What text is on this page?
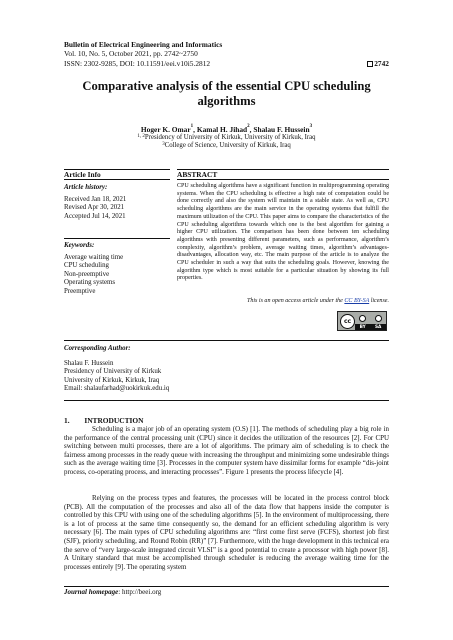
Bulletin of Electrical Engineering and Informatics
Vol. 10, No. 5, October 2021, pp. 2742~2750
ISSN: 2302-9285, DOI: 10.11591/eei.v10i5.2812	2742
Comparative analysis of the essential CPU scheduling algorithms
Hoger K. Omar$^1$, Kamal H. Jihad$^2$, Shalau F. Hussein$^3$
$^{1, 2}$Presidency of University of Kirkuk, University of Kirkuk, Iraq
$^3$College of Science, University of Kirkuk, Iraq
Article Info	ABSTRACT
Article history:
Received Jan 18, 2021
Revised Apr 30, 2021
Accepted Jul 14, 2021
Keywords:
Average waiting time
CPU scheduling
Non-preemptive
Operating systems
Preemptive
CPU scheduling algorithms have a significant function in multiprogramming operating systems. When the CPU scheduling is effective a high rate of computation could be done correctly and also the system will maintain in a stable state. As well as, CPU scheduling algorithms are the main service in the operating systems that fulfill the maximum utilization of the CPU. This paper aims to compare the characteristics of the CPU scheduling algorithms towards which one is the best algorithm for gaining a higher CPU utilization. The comparison has been done between ten scheduling algorithms with presenting different parameters, such as performance, algorithm’s complexity, algorithm’s problem, average waiting times, algorithm’s advantages-disadvantages, allocation way, etc. The main purpose of the article is to analyze the CPU scheduler in such a way that suits the scheduling goals. However, knowing the algorithm type which is most suitable for a particular situation by showing its full properties.
This is an open access article under the CC BY-SA license.
cc
BY SA
Corresponding Author:
Shalau F. Hussein
Presidency of University of Kirkuk
University of Kirkuk, Kirkuk, Iraq
Email: shalaufarhad@uokirkuk.edu.iq
1.        INTRODUCTION
Scheduling is a major job of an operating system (O.S) [1]. The methods of scheduling play a big role in the performance of the central processing unit (CPU) since it decides the utilization of the resources [2]. For CPU switching between multi processes, there are a lot of algorithms. The primary aim of scheduling is to check the fairness among processes in the ready queue with increasing the throughput and minimizing some undesirable things such as the average waiting time [3]. Processes in the computer system have dissimilar forms for example “dis-joint process, co-operating process, and interacting processes”. Figure 1 presents the process lifecycle [4].
Relying on the process types and features, the processes will be located in the process control block (PCB). All the computation of the processes and also all of the data flow that happens inside the computer is controlled by this CPU with using one of the scheduling algorithms [5]. In the environment of multiprocessing, there is a lot of process at the same time consequently so, the demand for an efficient scheduling algorithm is very necessary [6]. The main types of CPU scheduling algorithms are: “first come first serve (FCFS), shortest job first (SJF), priority scheduling, and Round Robin (RR)” [7]. Furthermore, with the huge development in this technical era the serve of “very large-scale integrated circuit VLSI” is a good potential to create a processor with high power [8]. A Unitary standard that must be accomplished through scheduler is reducing the average waiting time for the processes entirely [9]. The operating system
Journal homepage: http://beei.org
